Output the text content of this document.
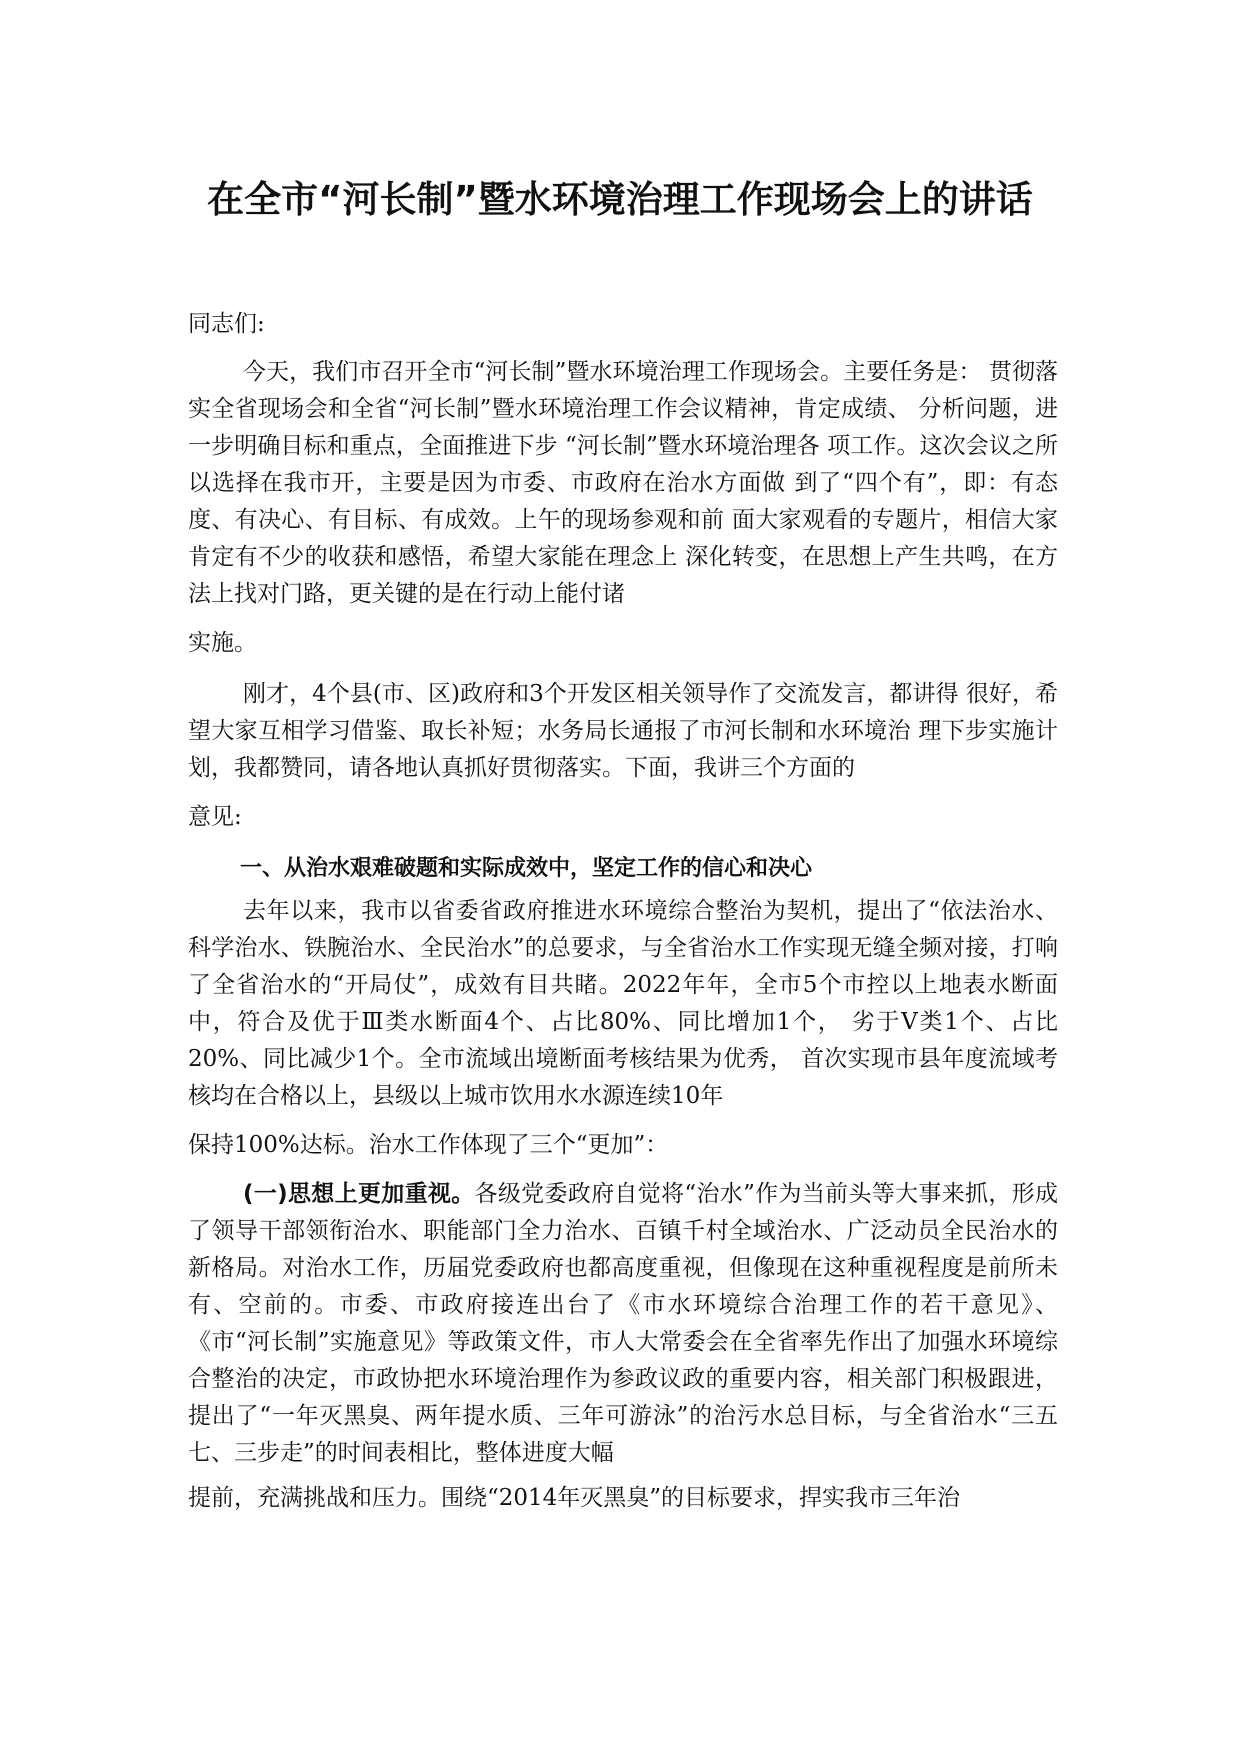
在全市“河长制”暨水环境治理工作现场会上的讲话

同志们:

今天，我们市召开全市“河长制”暨水环境治理工作现场会。主要任务是： 贯彻落实全省现场会和全省“河长制”暨水环境治理工作会议精神，肯定成绩、 分析问题，进一步明确目标和重点，全面推进下步 “河长制”暨水环境治理各 项工作。这次会议之所以选择在我市开，主要是因为市委、市政府在治水方面做 到了“四个有”，即：有态度、有决心、有目标、有成效。上午的现场参观和前 面大家观看的专题片，相信大家肯定有不少的收获和感悟，希望大家能在理念上 深化转变，在思想上产生共鸣，在方法上找对门路，更关键的是在行动上能付诸

实施。

刚才，4个县(市、区)政府和3个开发区相关领导作了交流发言，都讲得 很好，希望大家互相学习借鉴、取长补短；水务局长通报了市河长制和水环境治 理下步实施计划，我都赞同，请各地认真抓好贯彻落实。下面，我讲三个方面的

意见:

一、从治水艰难破题和实际成效中，坚定工作的信心和决心

去年以来，我市以省委省政府推进水环境综合整治为契机，提出了“依法治水、科学治水、铁腕治水、全民治水”的总要求，与全省治水工作实现无缝全频对接，打响了全省治水的“开局仗”，成效有目共睹。2022年年，全市5个市控以上地表水断面中，符合及优于Ⅲ类水断面4个、占比80%、同比增加1个， 劣于Ⅴ类1个、占比20%、同比减少1个。全市流域出境断面考核结果为优秀， 首次实现市县年度流域考核均在合格以上，县级以上城市饮用水水源连续10年

保持100%达标。治水工作体现了三个“更加”：

(一)思想上更加重视。各级党委政府自觉将“治水”作为当前头等大事来抓，形成了领导干部领衔治水、职能部门全力治水、百镇千村全域治水、广泛动员全民治水的新格局。对治水工作，历届党委政府也都高度重视，但像现在这种重视程度是前所未有、空前的。市委、市政府接连出台了《市水环境综合治理工作的若干意见》、 《市“河长制”实施意见》等政策文件，市人大常委会在全省率先作出了加强水环境综合整治的决定，市政协把水环境治理作为参政议政的重要内容，相关部门积极跟进，提出了“一年灭黑臭、两年提水质、三年可游泳”的治污水总目标，与全省治水“三五七、三步走”的时间表相比，整体进度大幅

提前，充满挑战和压力。围绕“2014年灭黑臭”的目标要求，捍实我市三年治
